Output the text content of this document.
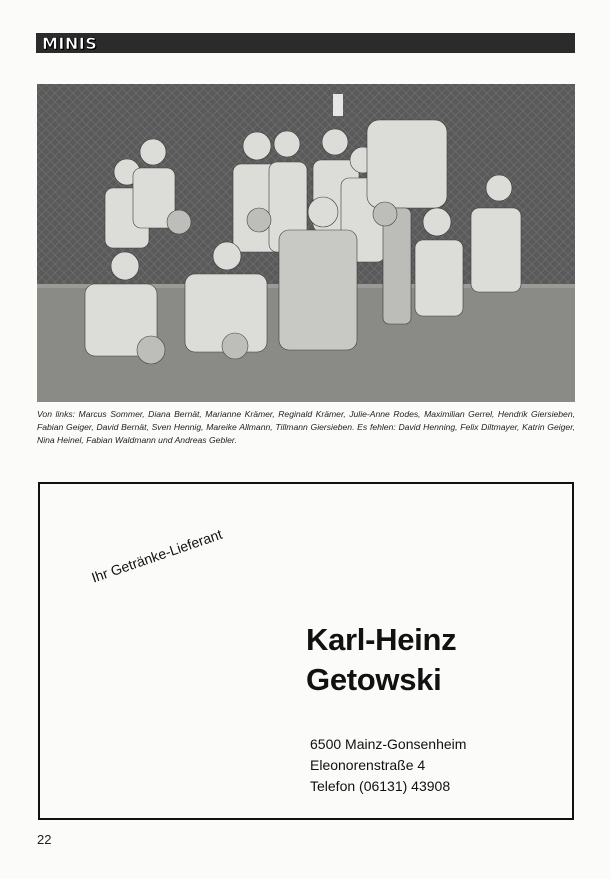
MINIS
Von links: Marcus Sommer, Diana Bernät, Marianne Krämer, Reginald Krämer, Julie-Anne Rodes, Maximilian Gerrel, Hendrik Giersieben, Fabian Geiger, David Bernät, Sven Hennig, Mareike Allmann, Tillmann Giersieben. Es fehlen: David Henning, Felix Diltmayer, Katrin Geiger, Nina Heinel, Fabian Waldmann und Andreas Gebler.
Ihr Getränke-Lieferant
Karl-Heinz
Getowski
6500 Mainz-Gonsenheim
Eleonorenstraße 4
Telefon (06131) 43908
22
